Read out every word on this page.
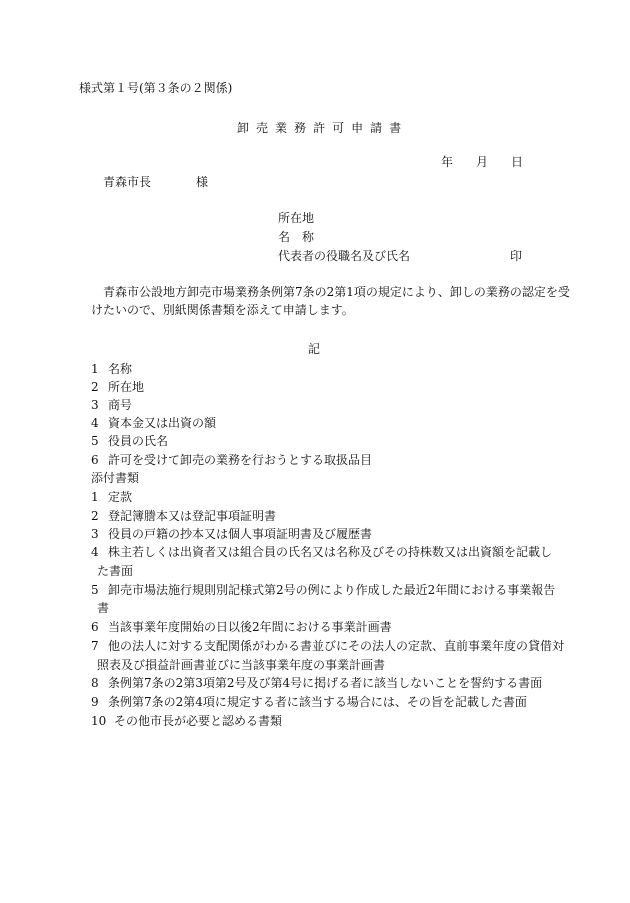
様式第１号(第３条の２関係)
卸 売 業 務 許 可 申 請 書
年 月 日
青森市長	様
所在地
名　称
代表者の役職名及び氏名	印
青森市公設地方卸売市場業務条例第7条の2第1項の規定により、卸しの業務の認定を受
けたいので、別紙関係書類を添えて申請します。
記
1 名称
2 所在地
3 商号
4 資本金又は出資の額
5 役員の氏名
6 許可を受けて卸売の業務を行おうとする取扱品目
添付書類
1 定款
2 登記簿謄本又は登記事項証明書
3 役員の戸籍の抄本又は個人事項証明書及び履歴書
4 株主若しくは出資者又は組合員の氏名又は名称及びその持株数又は出資額を記載し
た書面
5 卸売市場法施行規則別記様式第2号の例により作成した最近2年間における事業報告
書
6 当該事業年度開始の日以後2年間における事業計画書
7 他の法人に対する支配関係がわかる書並びにその法人の定款、直前事業年度の貸借対
照表及び損益計画書並びに当該事業年度の事業計画書
8 条例第7条の2第3項第2号及び第4号に掲げる者に該当しないことを誓約する書面
9 条例第7条の2第4項に規定する者に該当する場合には、その旨を記載した書面
10 その他市長が必要と認める書類
